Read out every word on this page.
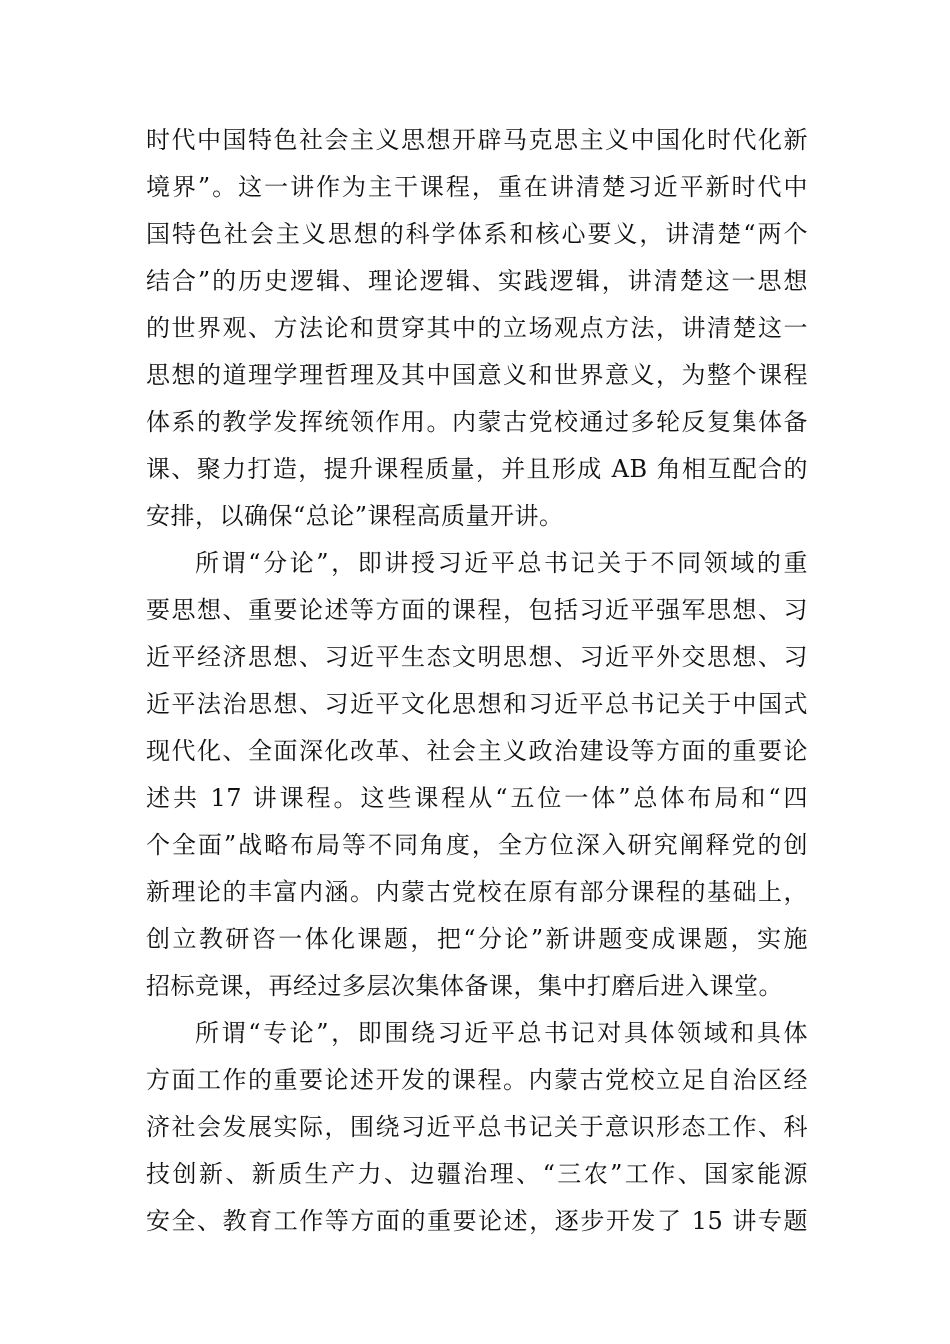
时代中国特色社会主义思想开辟马克思主义中国化时代化新
境界”。这一讲作为主干课程，重在讲清楚习近平新时代中
国特色社会主义思想的科学体系和核心要义，讲清楚“两个
结合”的历史逻辑、理论逻辑、实践逻辑，讲清楚这一思想
的世界观、方法论和贯穿其中的立场观点方法，讲清楚这一
思想的道理学理哲理及其中国意义和世界意义，为整个课程
体系的教学发挥统领作用。内蒙古党校通过多轮反复集体备
课、聚力打造，提升课程质量，并且形成 AB 角相互配合的
安排，以确保“总论”课程高质量开讲。
所谓“分论”，即讲授习近平总书记关于不同领域的重
要思想、重要论述等方面的课程，包括习近平强军思想、习
近平经济思想、习近平生态文明思想、习近平外交思想、习
近平法治思想、习近平文化思想和习近平总书记关于中国式
现代化、全面深化改革、社会主义政治建设等方面的重要论
述共 17 讲课程。这些课程从“五位一体”总体布局和“四
个全面”战略布局等不同角度，全方位深入研究阐释党的创
新理论的丰富内涵。内蒙古党校在原有部分课程的基础上，
创立教研咨一体化课题，把“分论”新讲题变成课题，实施
招标竞课，再经过多层次集体备课，集中打磨后进入课堂。
所谓“专论”，即围绕习近平总书记对具体领域和具体
方面工作的重要论述开发的课程。内蒙古党校立足自治区经
济社会发展实际，围绕习近平总书记关于意识形态工作、科
技创新、新质生产力、边疆治理、“三农”工作、国家能源
安全、教育工作等方面的重要论述，逐步开发了 15 讲专题
